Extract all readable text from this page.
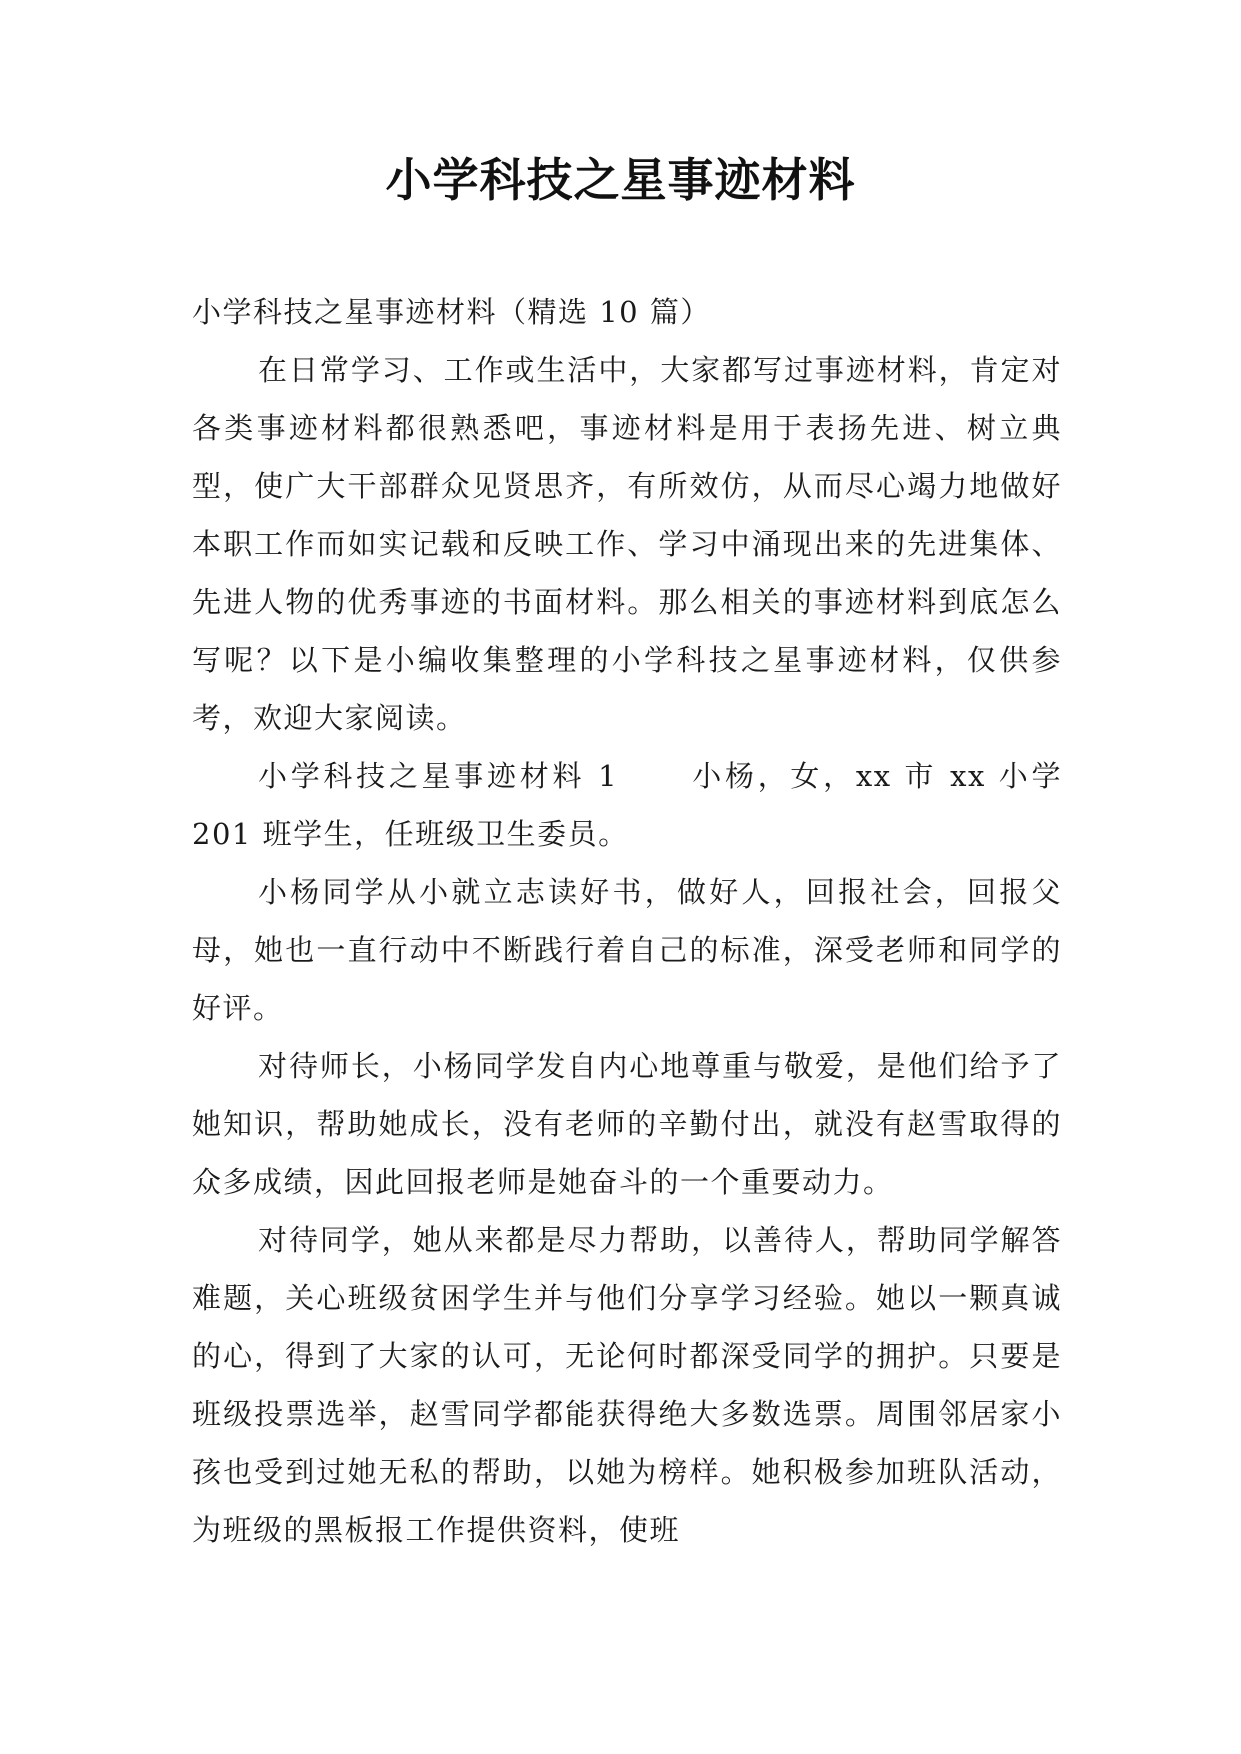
小学科技之星事迹材料

小学科技之星事迹材料（精选 10 篇）

在日常学习、工作或生活中，大家都写过事迹材料，肯定对各类事迹材料都很熟悉吧，事迹材料是用于表扬先进、树立典型，使广大干部群众见贤思齐，有所效仿，从而尽心竭力地做好本职工作而如实记载和反映工作、学习中涌现出来的先进集体、先进人物的优秀事迹的书面材料。那么相关的事迹材料到底怎么写呢？以下是小编收集整理的小学科技之星事迹材料，仅供参考，欢迎大家阅读。

小学科技之星事迹材料 1 小杨，女，xx 市 xx 小学 201 班学生，任班级卫生委员。

小杨同学从小就立志读好书，做好人，回报社会，回报父母，她也一直行动中不断践行着自己的标准，深受老师和同学的好评。

对待师长，小杨同学发自内心地尊重与敬爱，是他们给予了她知识，帮助她成长，没有老师的辛勤付出，就没有赵雪取得的众多成绩，因此回报老师是她奋斗的一个重要动力。

对待同学，她从来都是尽力帮助，以善待人，帮助同学解答难题，关心班级贫困学生并与他们分享学习经验。她以一颗真诚的心，得到了大家的认可，无论何时都深受同学的拥护。只要是班级投票选举，赵雪同学都能获得绝大多数选票。周围邻居家小孩也受到过她无私的帮助，以她为榜样。她积极参加班队活动，为班级的黑板报工作提供资料，使班
